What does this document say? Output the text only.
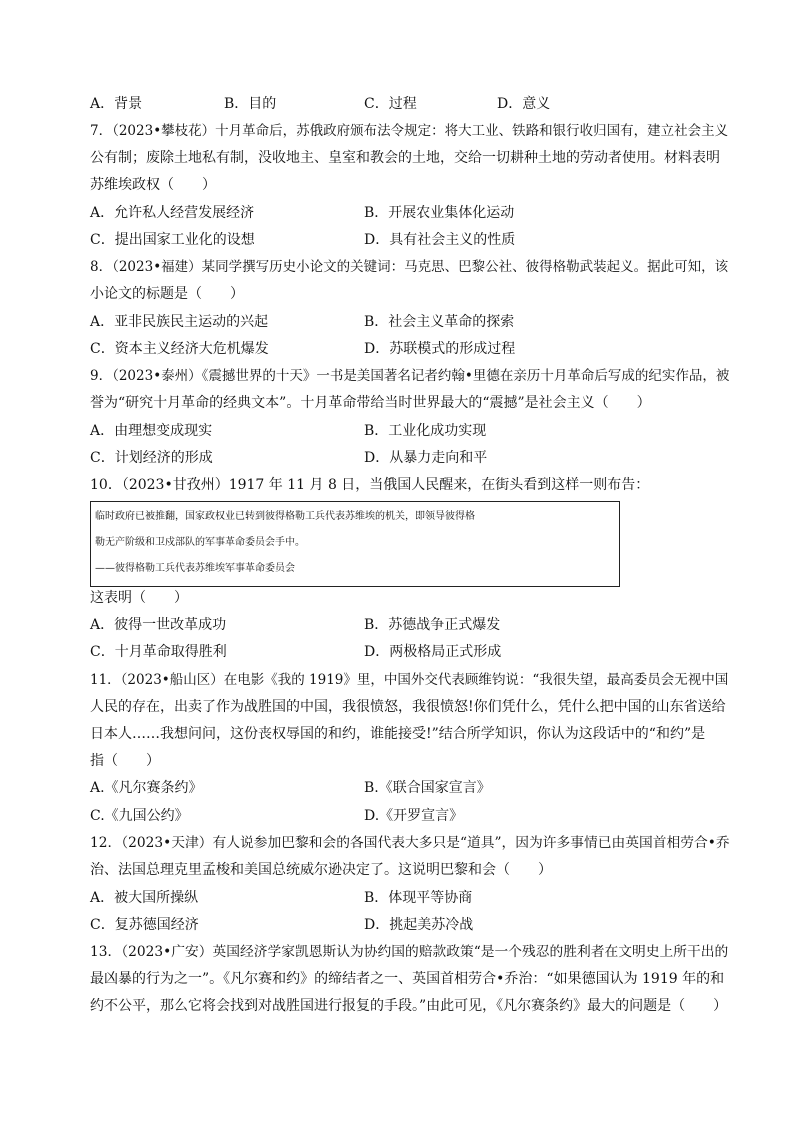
A．背景	B．目的	C．过程	D．意义
7．（2023•攀枝花）十月革命后，苏俄政府颁布法令规定：将大工业、铁路和银行收归国有，建立社会主义
公有制；废除土地私有制，没收地主、皇室和教会的土地，交给一切耕种土地的劳动者使用。材料表明
苏维埃政权（　　）
A．允许私人经营发展经济	B．开展农业集体化运动
C．提出国家工业化的设想	D．具有社会主义的性质
8．（2023•福建）某同学撰写历史小论文的关键词：马克思、巴黎公社、彼得格勒武装起义。据此可知，该
小论文的标题是（　　）
A．亚非民族民主运动的兴起	B．社会主义革命的探索
C．资本主义经济大危机爆发	D．苏联模式的形成过程
9．（2023•泰州）《震撼世界的十天》一书是美国著名记者约翰•里德在亲历十月革命后写成的纪实作品，被
誉为“研究十月革命的经典文本”。十月革命带给当时世界最大的“震撼”是社会主义（　　）
A．由理想变成现实	B．工业化成功实现
C．计划经济的形成	D．从暴力走向和平
10．（2023•甘孜州）1917 年 11 月 8 日，当俄国人民醒来，在街头看到这样一则布告：
临时政府已被推翻，国家政权业已转到彼得格勒工兵代表苏维埃的机关，即领导彼得格
勒无产阶级和卫戍部队的军事革命委员会手中。
——彼得格勒工兵代表苏维埃军事革命委员会
这表明（　　）
A．彼得一世改革成功	B．苏德战争正式爆发
C．十月革命取得胜利	D．两极格局正式形成
11．（2023•船山区）在电影《我的 1919》里，中国外交代表顾维钧说：“我很失望，最高委员会无视中国
人民的存在，出卖了作为战胜国的中国，我很愤怒，我很愤怒!你们凭什么，凭什么把中国的山东省送给
日本人……我想问问，这份丧权辱国的和约，谁能接受!”结合所学知识，你认为这段话中的“和约”是
指（　　）
A.《凡尔赛条约》	B.《联合国家宣言》
C.《九国公约》	D.《开罗宣言》
12．（2023•天津）有人说参加巴黎和会的各国代表大多只是“道具”，因为许多事情已由英国首相劳合•乔
治、法国总理克里孟梭和美国总统威尔逊决定了。这说明巴黎和会（　　）
A．被大国所操纵	B．体现平等协商
C．复苏德国经济	D．挑起美苏冷战
13．（2023•广安）英国经济学家凯恩斯认为协约国的赔款政策“是一个残忍的胜利者在文明史上所干出的
最凶暴的行为之一”。《凡尔赛和约》的缔结者之一、英国首相劳合•乔治：“如果德国认为 1919 年的和
约不公平，那么它将会找到对战胜国进行报复的手段。”由此可见，《凡尔赛条约》最大的问题是（　　）
